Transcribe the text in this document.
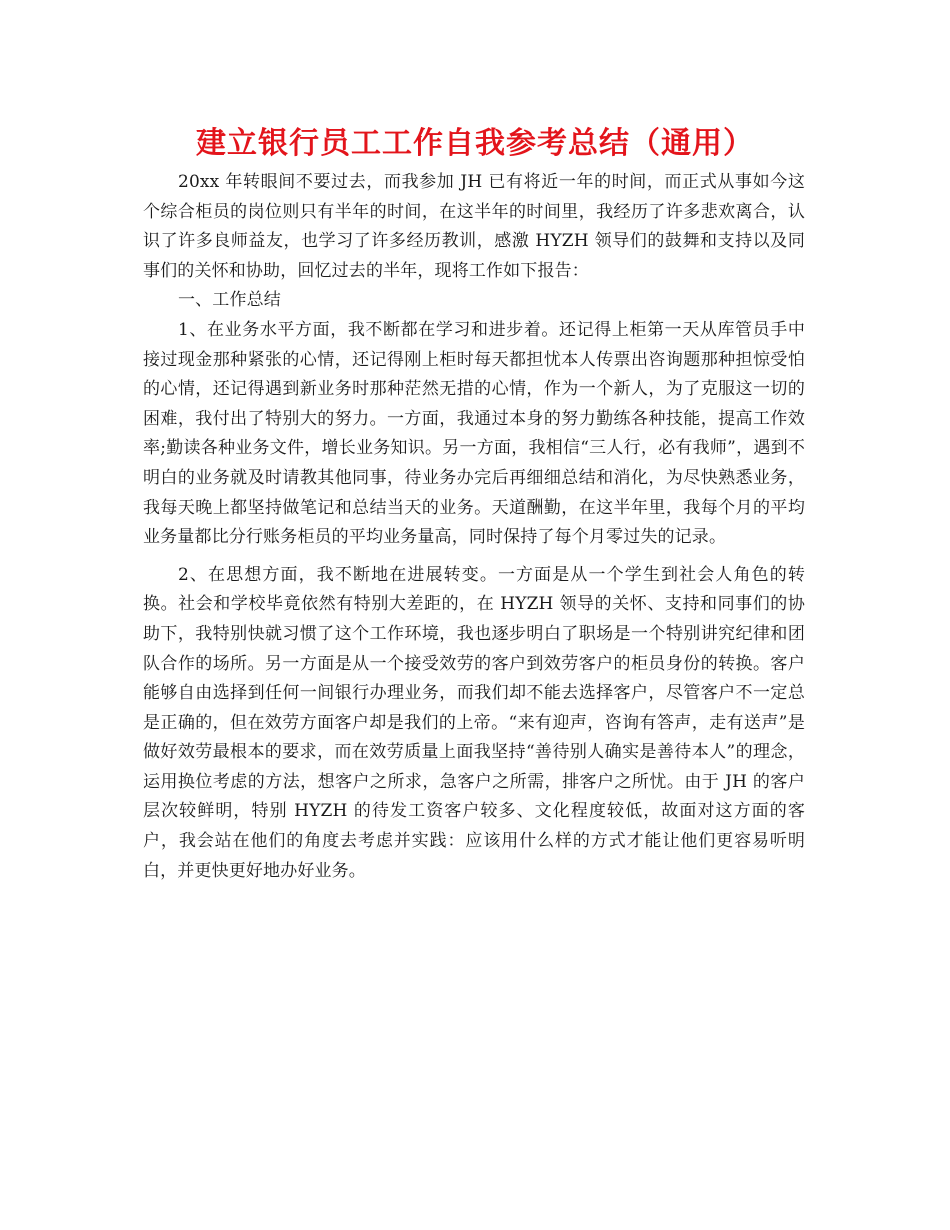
建立银行员工工作自我参考总结（通用）

20xx 年转眼间不要过去，而我参加 JH 已有将近一年的时间，而正式从事如今这个综合柜员的岗位则只有半年的时间，在这半年的时间里，我经历了许多悲欢离合，认识了许多良师益友，也学习了许多经历教训，感激 HYZH 领导们的鼓舞和支持以及同事们的关怀和协助，回忆过去的半年，现将工作如下报告：

一、工作总结

1、在业务水平方面，我不断都在学习和进步着。还记得上柜第一天从库管员手中接过现金那种紧张的心情，还记得刚上柜时每天都担忧本人传票出咨询题那种担惊受怕的心情，还记得遇到新业务时那种茫然无措的心情，作为一个新人，为了克服这一切的困难，我付出了特别大的努力。一方面，我通过本身的努力勤练各种技能，提高工作效率;勤读各种业务文件，增长业务知识。另一方面，我相信“三人行，必有我师”，遇到不明白的业务就及时请教其他同事，待业务办完后再细细总结和消化，为尽快熟悉业务，我每天晚上都坚持做笔记和总结当天的业务。天道酬勤，在这半年里，我每个月的平均业务量都比分行账务柜员的平均业务量高，同时保持了每个月零过失的记录。

2、在思想方面，我不断地在进展转变。一方面是从一个学生到社会人角色的转换。社会和学校毕竟依然有特别大差距的，在 HYZH 领导的关怀、支持和同事们的协助下，我特别快就习惯了这个工作环境，我也逐步明白了职场是一个特别讲究纪律和团队合作的场所。另一方面是从一个接受效劳的客户到效劳客户的柜员身份的转换。客户能够自由选择到任何一间银行办理业务，而我们却不能去选择客户，尽管客户不一定总是正确的，但在效劳方面客户却是我们的上帝。“来有迎声，咨询有答声，走有送声”是做好效劳最根本的要求，而在效劳质量上面我坚持“善待别人确实是善待本人”的理念，运用换位考虑的方法，想客户之所求，急客户之所需，排客户之所忧。由于 JH 的客户层次较鲜明，特别 HYZH 的待发工资客户较多、文化程度较低，故面对这方面的客户，我会站在他们的角度去考虑并实践：应该用什么样的方式才能让他们更容易听明白，并更快更好地办好业务。
